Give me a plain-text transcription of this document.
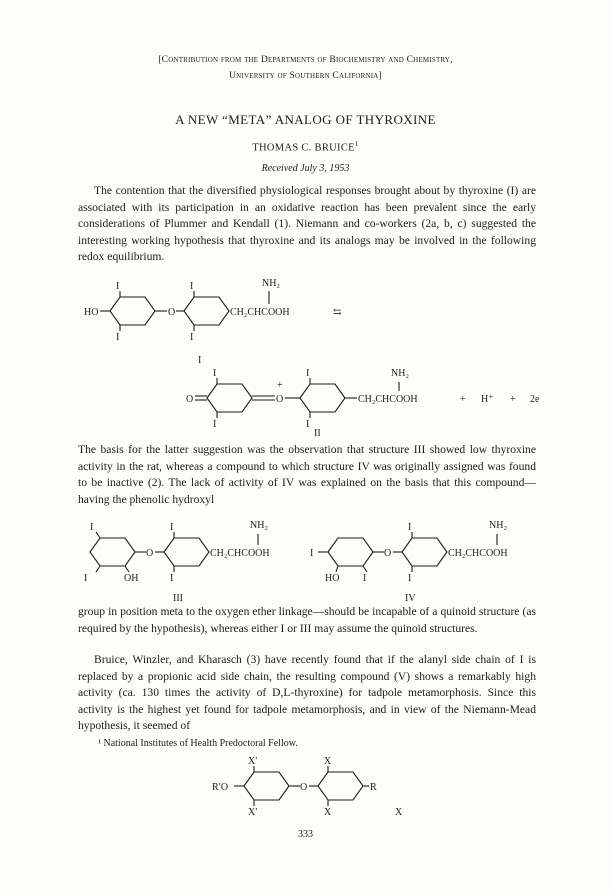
[Contribution from the Departments of Biochemistry and Chemistry,
University of Southern California]
A NEW “META” ANALOG OF THYROXINE
THOMAS C. BRUICE$^1$
Received July 3, 1953

The contention that the diversified physiological responses brought about by thyroxine (I) are associated with its participation in an oxidative reaction has been prevalent since the early considerations of Plummer and Kendall (1). Niemann and co-workers (2a, b, c) suggested the interesting working hypothesis that thyroxine and its analogs may be involved in the following redox equilibrium.

I	I
HO	O
I	I
NH₂
CH₂CHCOOH	⇆
I
I	I
O
+
O
I	I
NH₂
CH₂CHCOOH	+ H⁺ + 2e
II

The basis for the latter suggestion was the observation that structure III showed low thyroxine activity in the rat, whereas a compound to which structure IV was originally assigned was found to be inactive (2). The lack of activity of IV was explained on the basis that this compound—having the phenolic hydroxyl

I	I
O
I	OH	I
NH₂
CH₂CHCOOH
III
I
I
O
HO I	I
NH₂
CH₂CHCOOH
IV

group in position meta to the oxygen ether linkage—should be incapable of a quinoid structure (as required by the hypothesis), whereas either I or III may assume the quinoid structures.

Bruice, Winzler, and Kharasch (3) have recently found that if the alanyl side chain of I is replaced by a propionic acid side chain, the resulting compound (V) shows a remarkably high activity (ca. 130 times the activity of D,L-thyroxine) for tadpole metamorphosis. Since this activity is the highest yet found for tadpole metamorphosis, and in view of the Niemann-Mead hypothesis, it seemed of

¹ National Institutes of Health Predoctoral Fellow.
X′
R′O
X′
O
X
X
R
X
333
